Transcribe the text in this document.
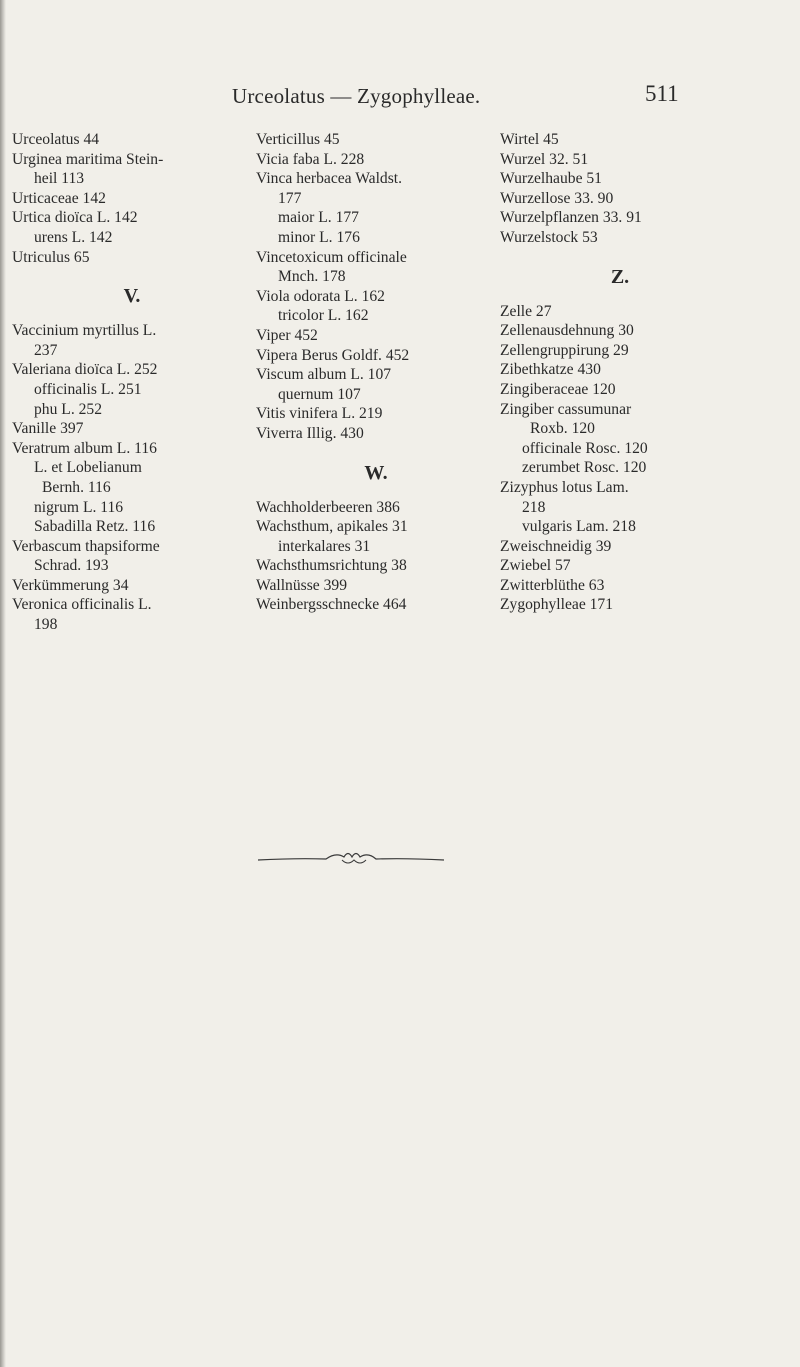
Urceolatus — Zygophylleae.	511
Urceolatus 44
Urginea maritima Stein-
heil 113
Urticaceae 142
Urtica dioïca L. 142
urens L. 142
Utriculus 65
V.
Vaccinium myrtillus L.
237
Valeriana dioïca L. 252
officinalis L. 251
phu L. 252
Vanille 397
Veratrum album L. 116
L. et Lobelianum
Bernh. 116
nigrum L. 116
Sabadilla Retz. 116
Verbascum thapsiforme
Schrad. 193
Verkümmerung 34
Veronica officinalis L.
198
Verticillus 45
Vicia faba L. 228
Vinca herbacea Waldst.
177
maior L. 177
minor L. 176
Vincetoxicum officinale
Mnch. 178
Viola odorata L. 162
tricolor L. 162
Viper 452
Vipera Berus Goldf. 452
Viscum album L. 107
quernum 107
Vitis vinifera L. 219
Viverra Illig. 430
W.
Wachholderbeeren 386
Wachsthum, apikales 31
interkalares 31
Wachsthumsrichtung 38
Wallnüsse 399
Weinbergsschnecke 464
Wirtel 45
Wurzel 32. 51
Wurzelhaube 51
Wurzellose 33. 90
Wurzelpflanzen 33. 91
Wurzelstock 53
Z.
Zelle 27
Zellenausdehnung 30
Zellengruppirung 29
Zibethkatze 430
Zingiberaceae 120
Zingiber cassumunar
Roxb. 120
officinale Rosc. 120
zerumbet Rosc. 120
Zizyphus lotus Lam.
218
vulgaris Lam. 218
Zweischneidig 39
Zwiebel 57
Zwitterblüthe 63
Zygophylleae 171
